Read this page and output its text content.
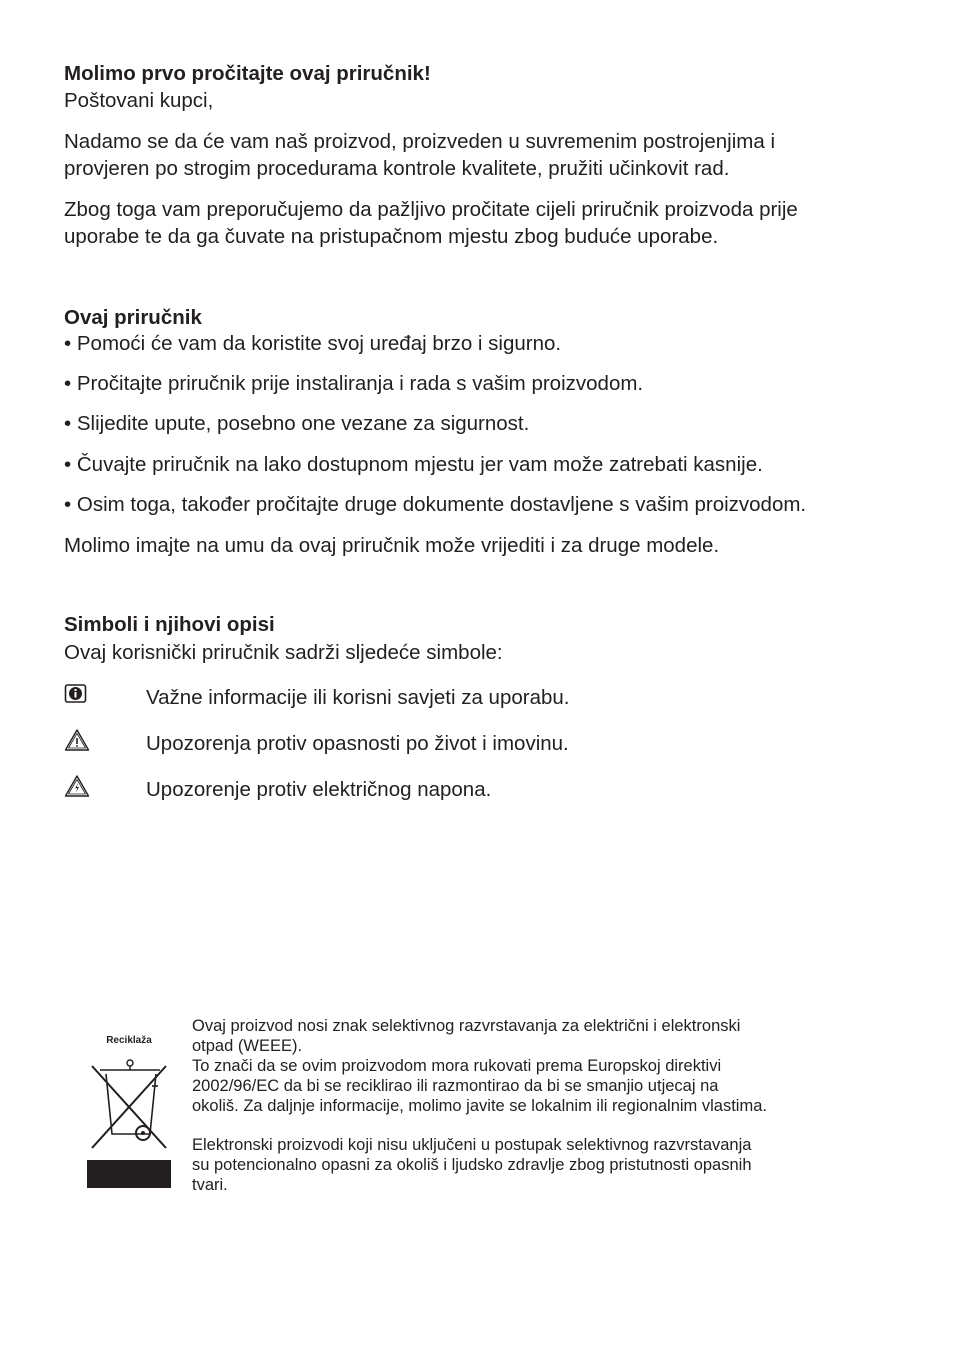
Molimo prvo pročitajte ovaj priručnik!
Poštovani kupci,
Nadamo se da će vam naš proizvod, proizveden u suvremenim postrojenjima i
provjeren po strogim procedurama kontrole kvalitete, pružiti učinkovit rad.
Zbog toga vam preporučujemo da pažljivo pročitate cijeli priručnik proizvoda prije
uporabe te da ga čuvate na pristupačnom mjestu zbog buduće uporabe.
Ovaj priručnik
• Pomoći će vam da koristite svoj uređaj brzo i sigurno.
• Pročitajte priručnik prije instaliranja i rada s vašim proizvodom.
• Slijedite upute, posebno one vezane za sigurnost.
• Čuvajte priručnik na lako dostupnom mjestu jer vam može zatrebati kasnije.
• Osim toga, također pročitajte druge dokumente dostavljene s vašim proizvodom.
Molimo imajte na umu da ovaj priručnik može vrijediti i za druge modele.
Simboli i njihovi opisi
Ovaj korisnički priručnik sadrži sljedeće simbole:
Važne informacije ili korisni savjeti za uporabu.
Upozorenja protiv opasnosti po život i imovinu.
Upozorenje protiv električnog napona.
Reciklaža
Ovaj proizvod nosi znak selektivnog razvrstavanja za električni i elektronski
otpad (WEEE).
To znači da se ovim proizvodom mora rukovati prema Europskoj direktivi
2002/96/EC da bi se reciklirao ili razmontirao da bi se smanjio utjecaj na
okoliš. Za daljnje informacije, molimo javite se lokalnim ili regionalnim vlastima.
Elektronski proizvodi koji nisu uključeni u postupak selektivnog razvrstavanja
su potencionalno opasni za okoliš i ljudsko zdravlje zbog pristutnosti opasnih
tvari.
